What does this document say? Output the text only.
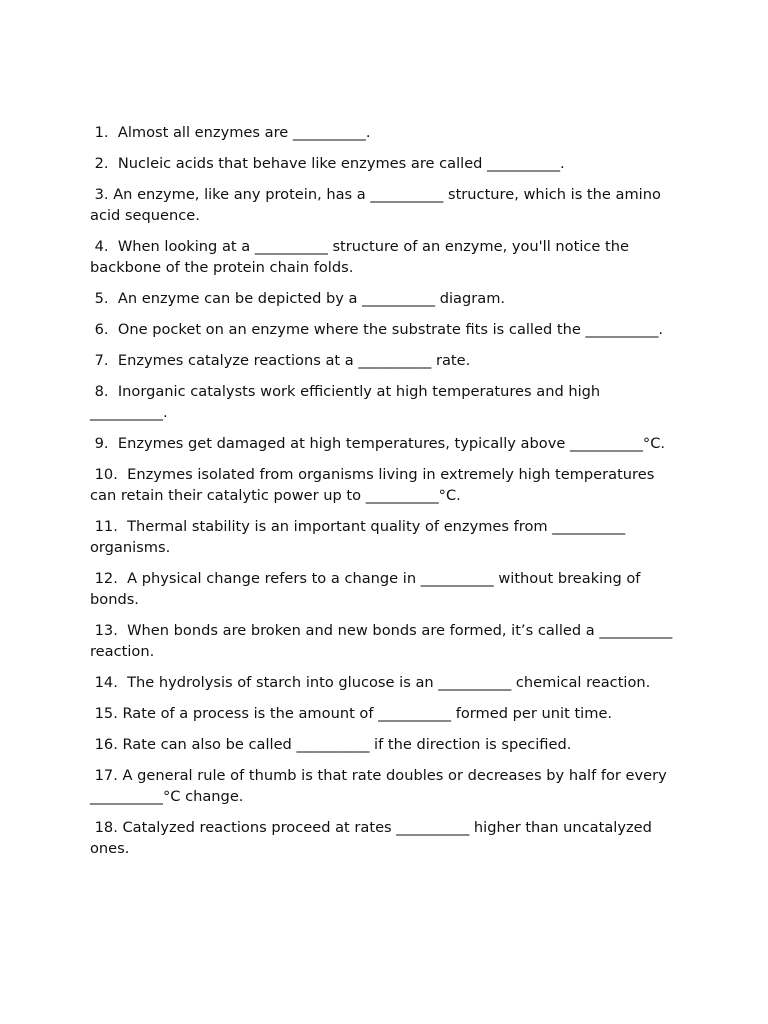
1.  Almost all enzymes are __________.
2.  Nucleic acids that behave like enzymes are called __________.
3. An enzyme, like any protein, has a __________ structure, which is the amino acid sequence.
4.  When looking at a __________ structure of an enzyme, you'll notice the backbone of the protein chain folds.
5.  An enzyme can be depicted by a __________ diagram.
6.  One pocket on an enzyme where the substrate fits is called the __________.
7.  Enzymes catalyze reactions at a __________ rate.
8.  Inorganic catalysts work efficiently at high temperatures and high __________.
9.  Enzymes get damaged at high temperatures, typically above __________°C.
10.  Enzymes isolated from organisms living in extremely high temperatures can retain their catalytic power up to __________°C.
11.  Thermal stability is an important quality of enzymes from __________ organisms.
12.  A physical change refers to a change in __________ without breaking of bonds.
13.  When bonds are broken and new bonds are formed, it’s called a __________ reaction.
14.  The hydrolysis of starch into glucose is an __________ chemical reaction.
15. Rate of a process is the amount of __________ formed per unit time.
16. Rate can also be called __________ if the direction is specified.
17. A general rule of thumb is that rate doubles or decreases by half for every __________°C change.
18. Catalyzed reactions proceed at rates __________ higher than uncatalyzed ones.
